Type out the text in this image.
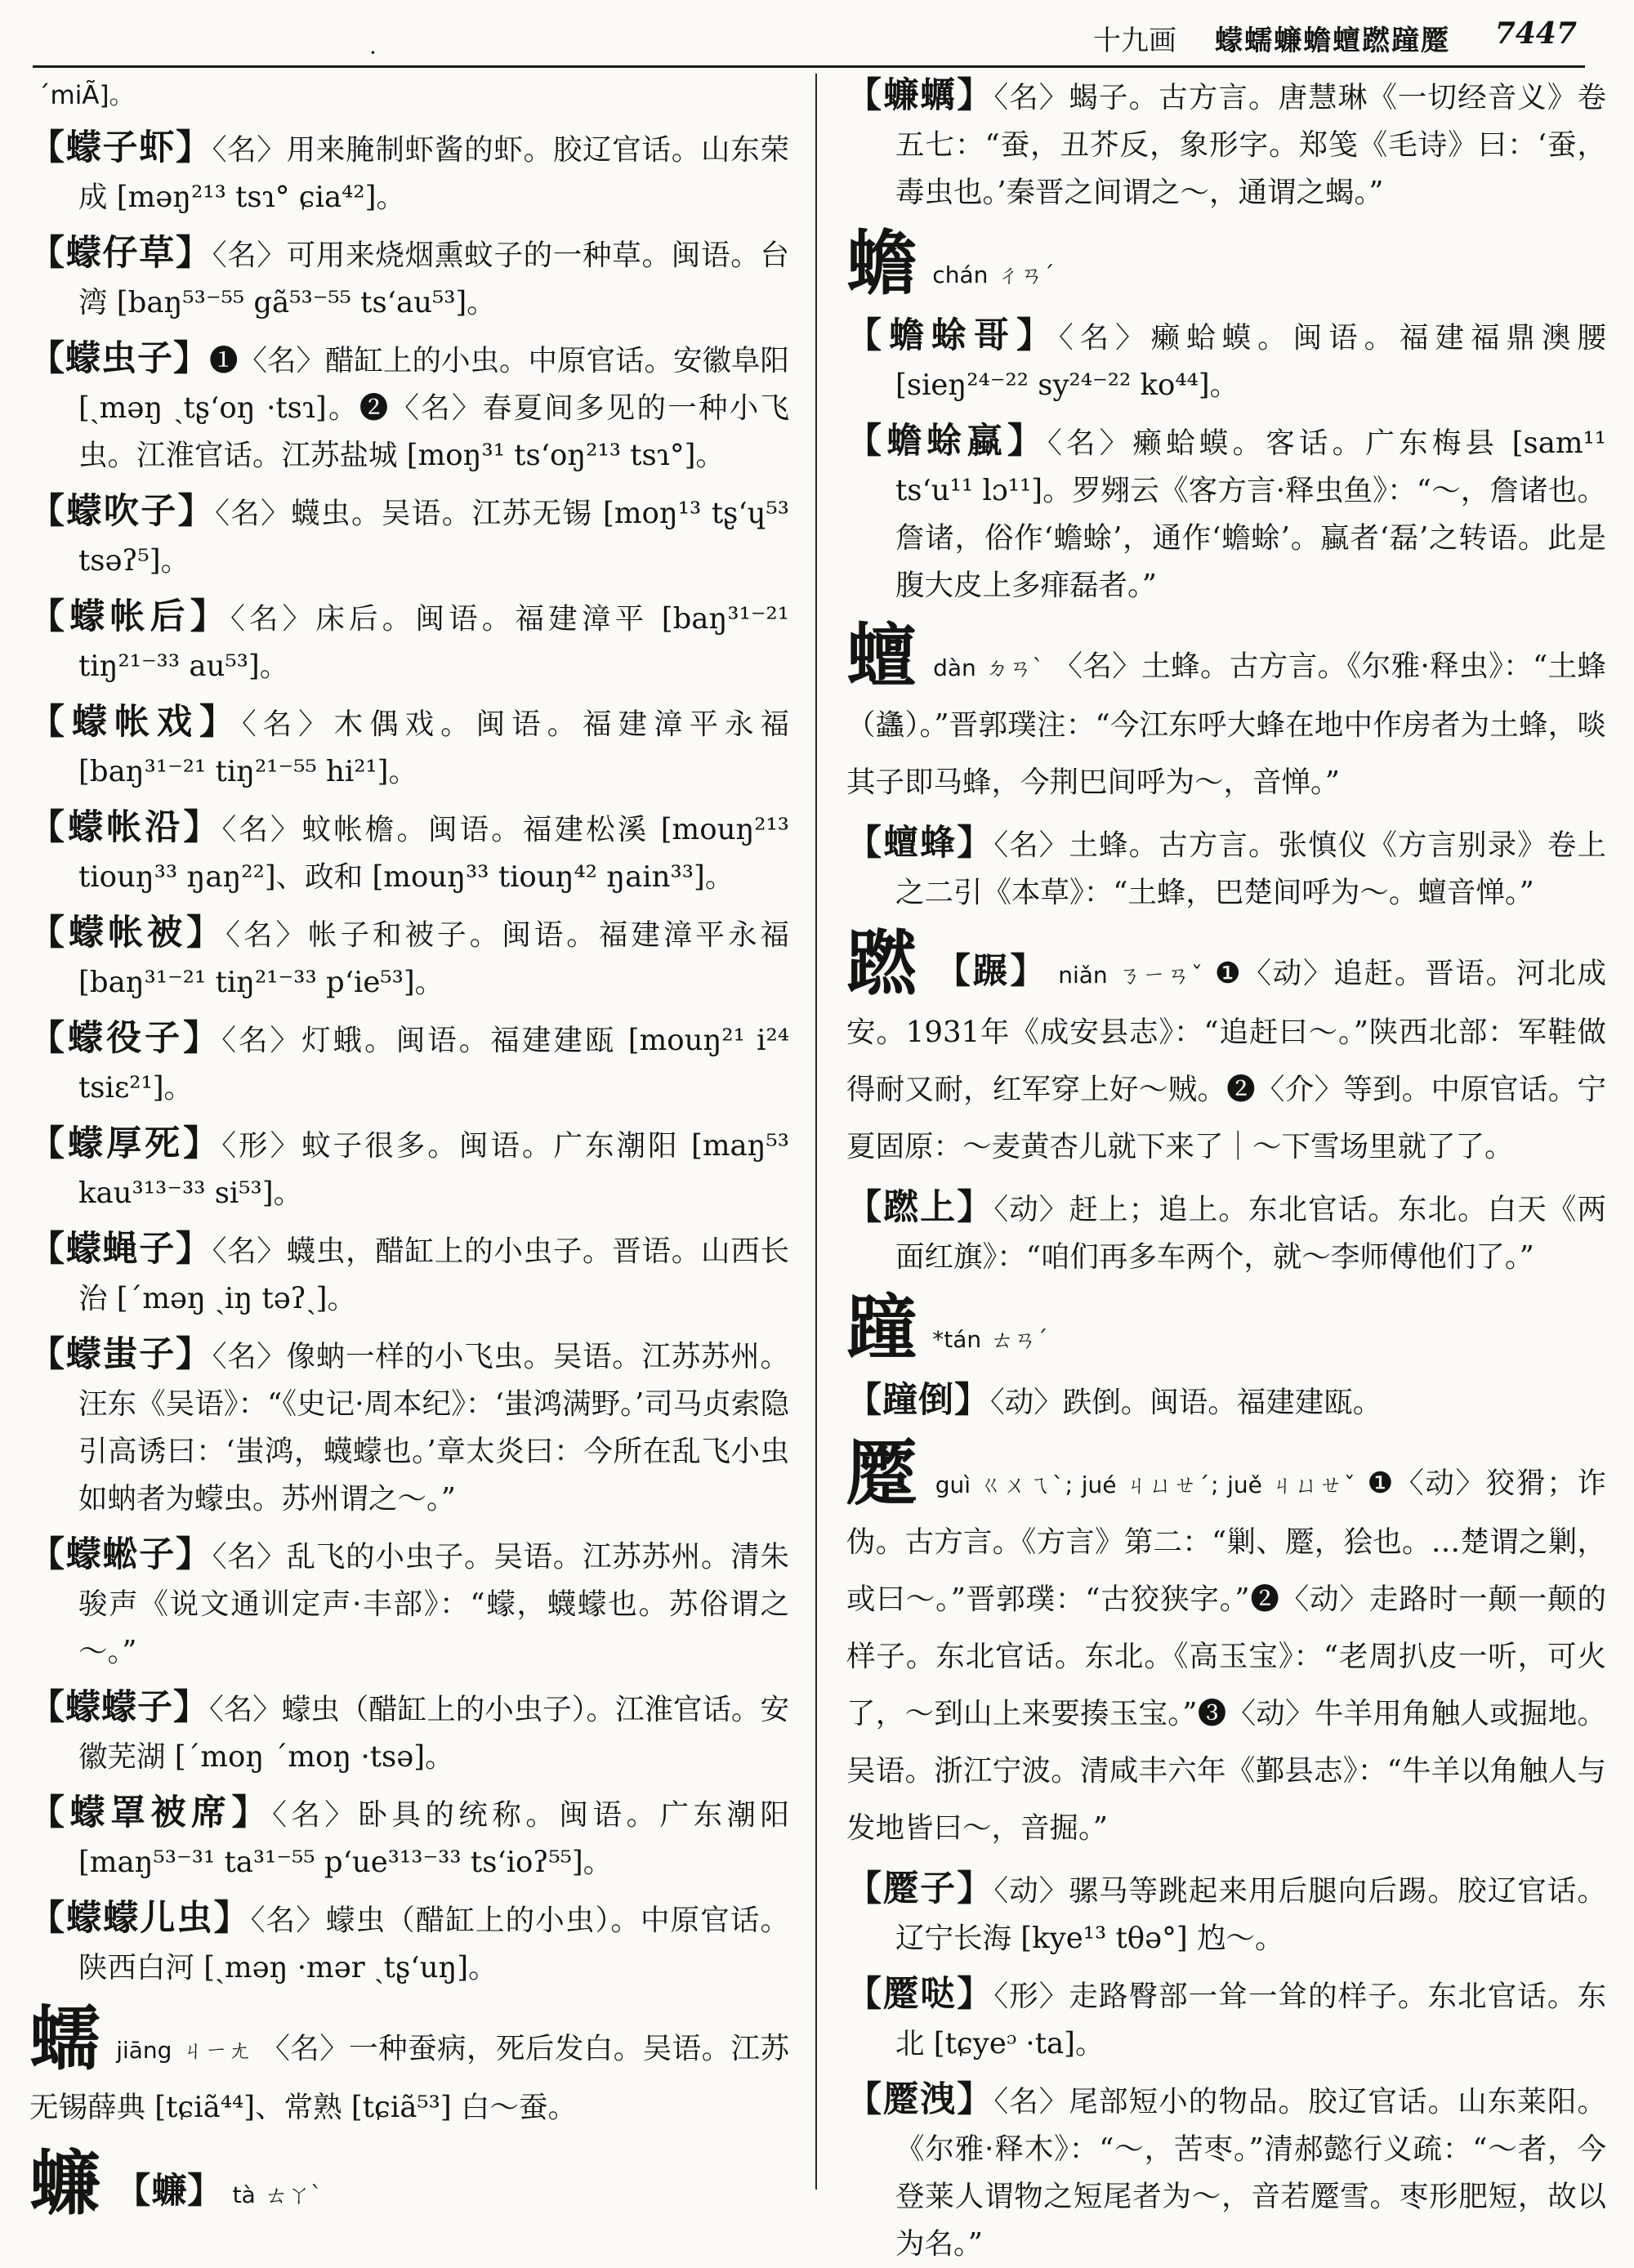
·	十九画 蠓蠕蠊蟾蟺蹨蹱蹷 7447
ˊmiÃ]。
【蠓子虾】〈名〉用来腌制虾酱的虾。胶辽官话。山东荣成 [məŋ²¹³ tsɿ° ɕia⁴²]。
【蠓仔草】〈名〉可用来烧烟熏蚊子的一种草。闽语。台湾 [baŋ⁵³⁻⁵⁵ gã⁵³⁻⁵⁵ tsʻau⁵³]。
【蠓虫子】❶〈名〉醋缸上的小虫。中原官话。安徽阜阳 [ˏməŋ ˏtʂʻoŋ ·tsɿ]。❷〈名〉春夏间多见的一种小飞虫。江淮官话。江苏盐城 [moŋ³¹ tsʻoŋ²¹³ tsɿ°]。
【蠓吹子】〈名〉蠛虫。吴语。江苏无锡 [moŋ¹³ tʂʻɥ⁵³ tsəʔ⁵]。
【蠓帐后】〈名〉床后。闽语。福建漳平 [baŋ³¹⁻²¹ tiŋ²¹⁻³³ au⁵³]。
【蠓帐戏】〈名〉木偶戏。闽语。福建漳平永福 [baŋ³¹⁻²¹ tiŋ²¹⁻⁵⁵ hi²¹]。
【蠓帐沿】〈名〉蚊帐檐。闽语。福建松溪 [mouŋ²¹³ tiouŋ³³ ŋaŋ²²]、政和 [mouŋ³³ tiouŋ⁴² ŋain³³]。
【蠓帐被】〈名〉帐子和被子。闽语。福建漳平永福 [baŋ³¹⁻²¹ tiŋ²¹⁻³³ pʻie⁵³]。
【蠓役子】〈名〉灯蛾。闽语。福建建瓯 [mouŋ²¹ i²⁴ tsiɛ²¹]。
【蠓厚死】〈形〉蚊子很多。闽语。广东潮阳 [maŋ⁵³ kau³¹³⁻³³ si⁵³]。
【蠓蝇子】〈名〉蠛虫，醋缸上的小虫子。晋语。山西长治 [ˊməŋ ˏiŋ təʔˏ]。
【蠓蚩子】〈名〉像蚋一样的小飞虫。吴语。江苏苏州。汪东《吴语》：“《史记·周本纪》：‘蚩鸿满野。’司马贞索隐引高诱曰：‘蚩鸿，蠛蠓也。’章太炎曰：今所在乱飞小虫如蚋者为蠓虫。苏州谓之～。”
【蠓蜙子】〈名〉乱飞的小虫子。吴语。江苏苏州。清朱骏声《说文通训定声·丰部》：“蠓，蠛蠓也。苏俗谓之～。”
【蠓蠓子】〈名〉蠓虫（醋缸上的小虫子）。江淮官话。安徽芜湖 [ˊmoŋ ˊmoŋ ·tsə]。
【蠓罩被席】〈名〉卧具的统称。闽语。广东潮阳 [maŋ⁵³⁻³¹ ta³¹⁻⁵⁵ pʻue³¹³⁻³³ tsʻioʔ⁵⁵]。
【蠓蠓儿虫】〈名〉蠓虫（醋缸上的小虫）。中原官话。陕西白河 [ˏməŋ ·mər ˏtʂʻuŋ]。
蠕 jiāng ㄐㄧㄤ 〈名〉一种蚕病，死后发白。吴语。江苏无锡薛典 [tɕiã⁴⁴]、常熟 [tɕiã⁵³] 白～蚕。
蠊 【蠊】 tà ㄊㄚˋ
【蠊蠣】〈名〉蝎子。古方言。唐慧琳《一切经音义》卷五七：“蚕，丑芥反，象形字。郑笺《毛诗》曰：‘蚕，毒虫也。’秦晋之间谓之～，通谓之蝎。”
蟾 chán ㄔㄢˊ
【蟾蜍哥】〈名〉癞蛤蟆。闽语。福建福鼎澳腰 [sieŋ²⁴⁻²² sy²⁴⁻²² ko⁴⁴]。
【蟾蜍蠃】〈名〉癞蛤蟆。客话。广东梅县 [sam¹¹ tsʻu¹¹ lɔ¹¹]。罗翙云《客方言·释虫鱼》：“～，詹诸也。詹诸，俗作‘蟾蜍’，通作‘蟾蜍’。蠃者‘磊’之转语。此是腹大皮上多痱磊者。”
蟺 dàn ㄉㄢˋ 〈名〉土蜂。古方言。《尔雅·释虫》：“土蜂（蠭）。”晋郭璞注：“今江东呼大蜂在地中作房者为土蜂，啖其子即马蜂，今荆巴间呼为～，音惮。”
【蟺蜂】〈名〉土蜂。古方言。张慎仪《方言别录》卷上之二引《本草》：“土蜂，巴楚间呼为～。蟺音惮。”
蹨 【蹍】 niǎn ㄋㄧㄢˇ ❶〈动〉追赶。晋语。河北成安。1931年《成安县志》：“追赶曰～。”陕西北部：军鞋做得耐又耐，红军穿上好～贼。❷〈介〉等到。中原官话。宁夏固原：～麦黄杏儿就下来了｜～下雪场里就了了。
【蹨上】〈动〉赶上；追上。东北官话。东北。白天《两面红旗》：“咱们再多车两个，就～李师傅他们了。”
蹱 *tán ㄊㄢˊ
【蹱倒】〈动〉跌倒。闽语。福建建瓯。
蹷 guì ㄍㄨㄟˋ; jué ㄐㄩㄝˊ; juě ㄐㄩㄝˇ ❶〈动〉狡猾；诈伪。古方言。《方言》第二：“剿、蹷，狯也。…楚谓之剿，或曰～。”晋郭璞：“古狡狭字。”❷〈动〉走路时一颠一颠的样子。东北官话。东北。《高玉宝》：“老周扒皮一听，可火了，～到山上来要揍玉宝。”❸〈动〉牛羊用角触人或掘地。吴语。浙江宁波。清咸丰六年《鄞县志》：“牛羊以角触人与发地皆曰～，音掘。”
【蹷子】〈动〉骡马等跳起来用后腿向后踢。胶辽官话。辽宁长海 [kye¹³ tθə°] 尥～。
【蹷哒】〈形〉走路臀部一耸一耸的样子。东北官话。东北 [tɕyeᵓ ·ta]。
【蹷洩】〈名〉尾部短小的物品。胶辽官话。山东莱阳。《尔雅·释木》：“～，苦枣。”清郝懿行义疏：“～者，今登莱人谓物之短尾者为～，音若蹷雪。枣形肥短，故以为名。”
